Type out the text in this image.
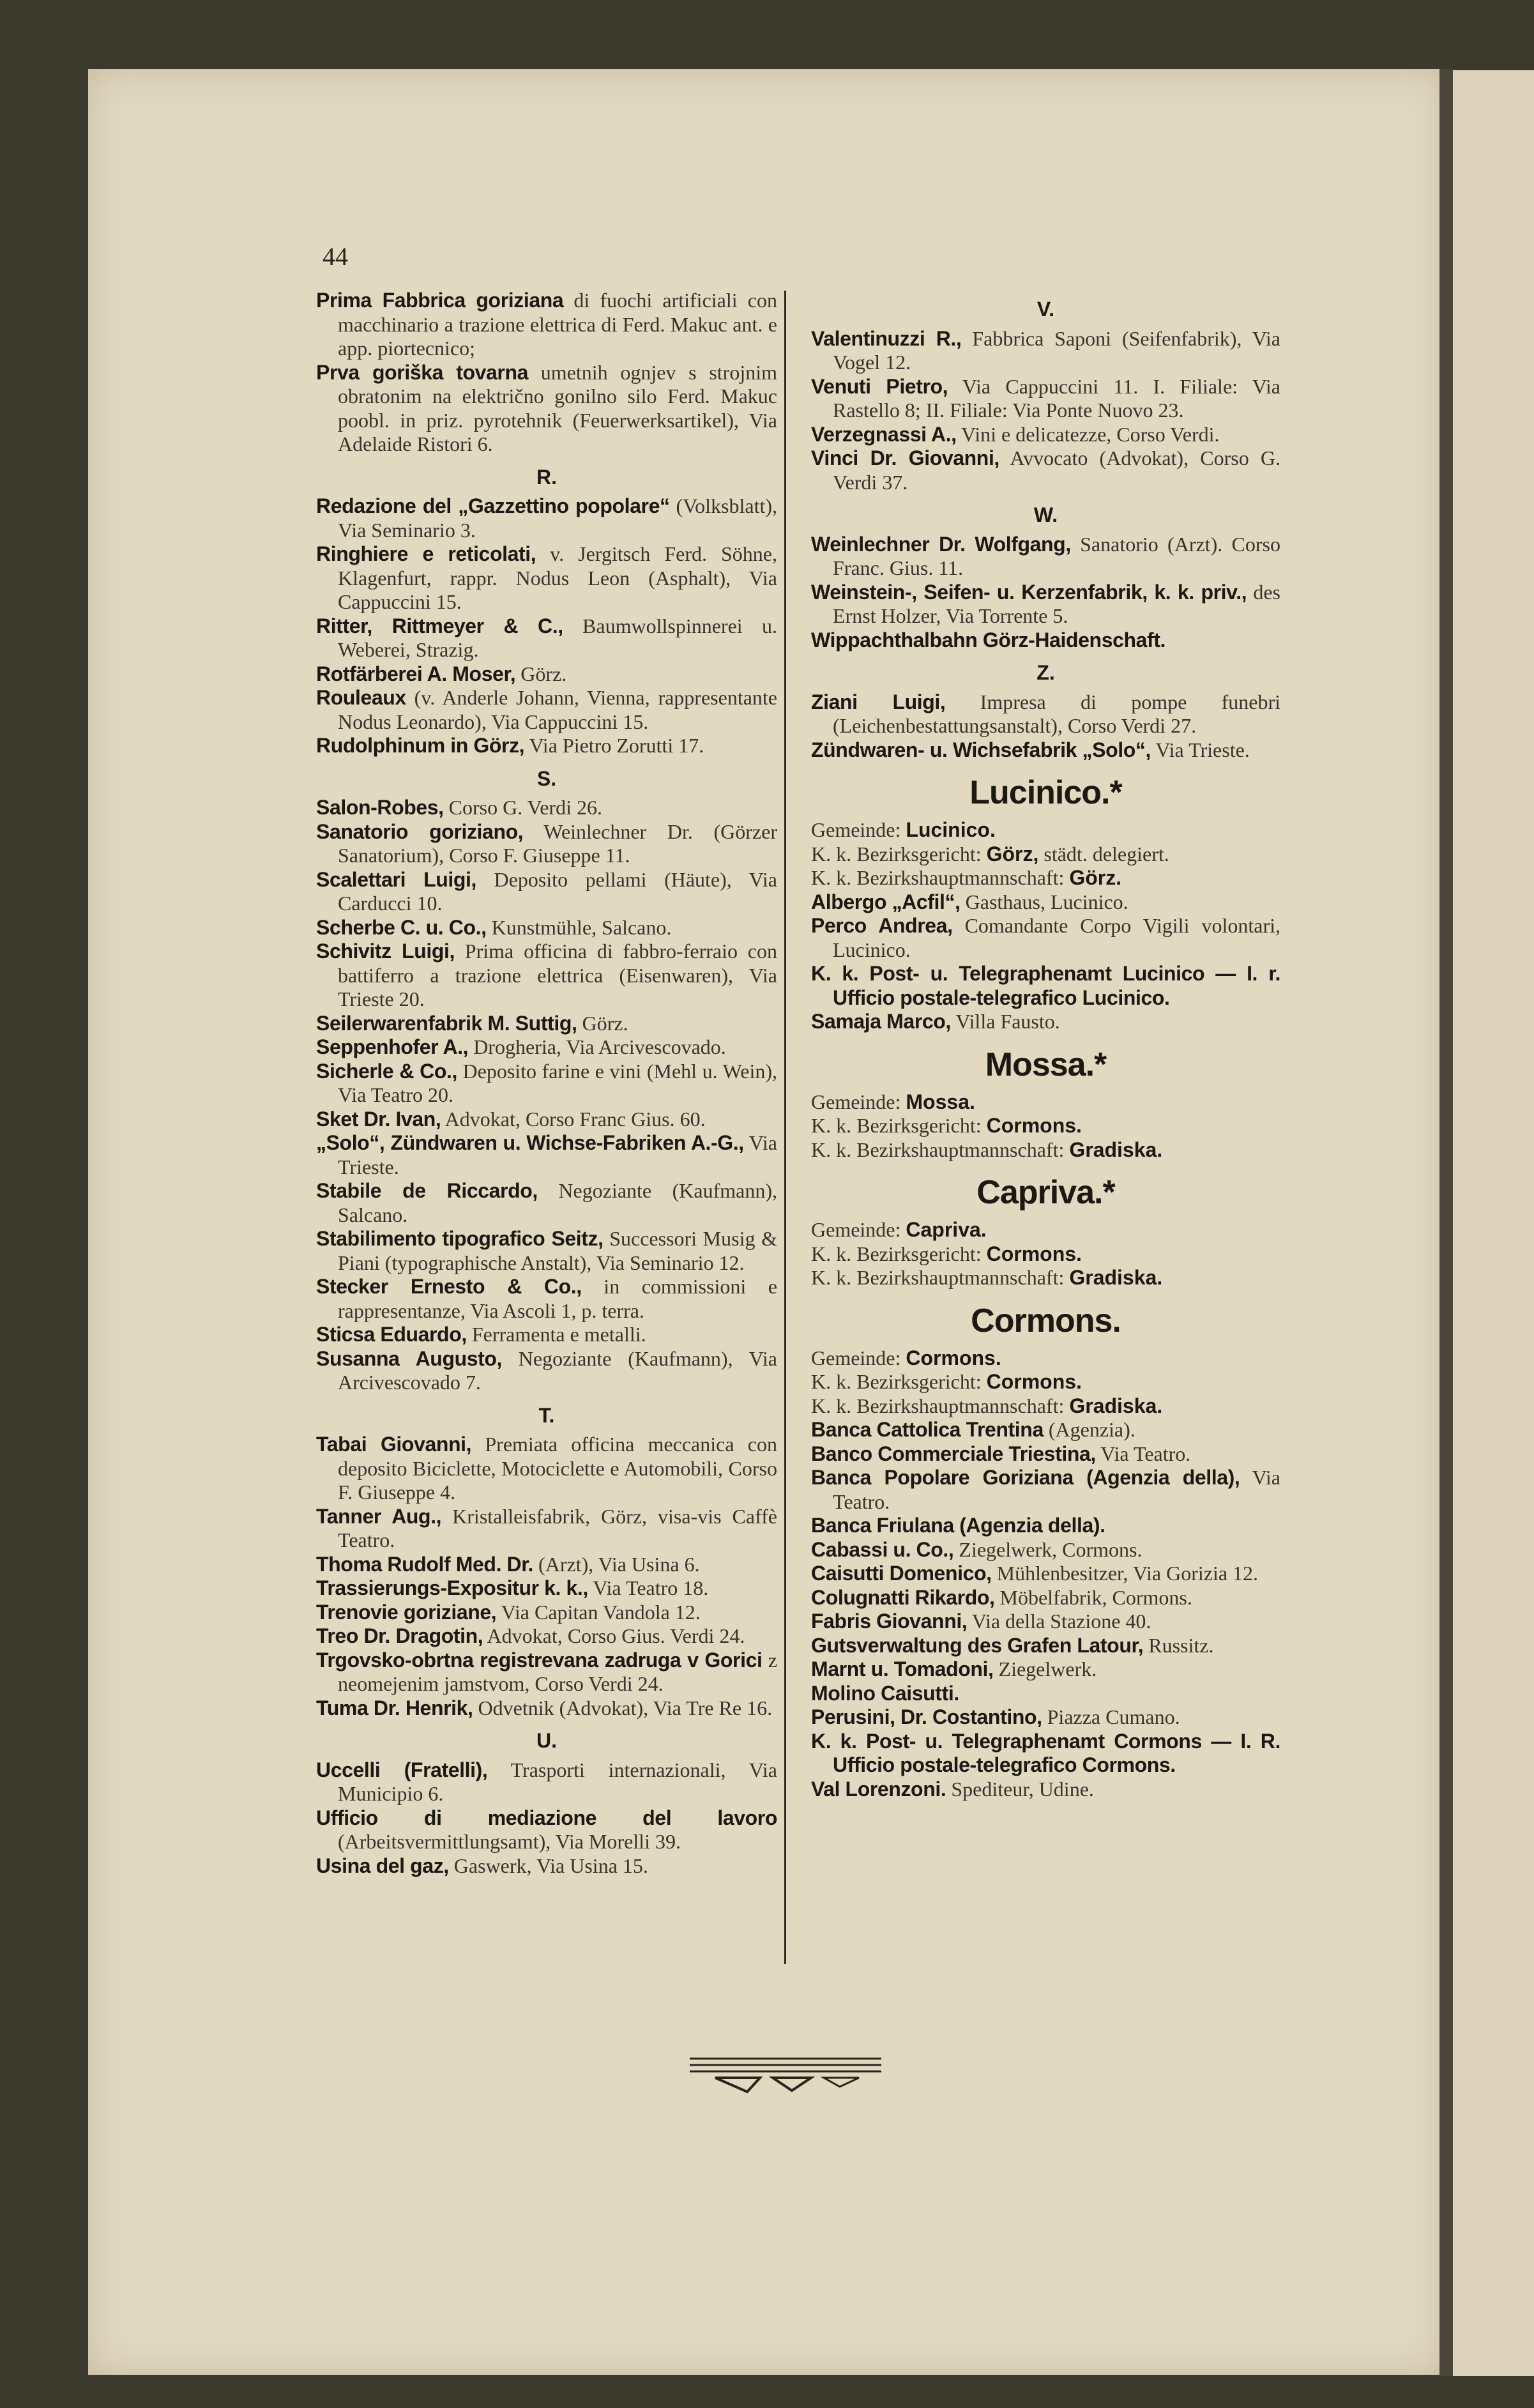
44

Prima Fabbrica goriziana di fuochi artificiali con macchinario a trazione elettrica di Ferd. Makuc ant. e app. piortecnico;

Prva goriška tovarna umetnih ognjev s strojnim obratonim na električno gonilno silo Ferd. Makuc poobl. in priz. pyrotehnik (Feuerwerksartikel), Via Adelaide Ristori 6.

R.

Redazione del „Gazzettino popolare“ (Volksblatt), Via Seminario 3.

Ringhiere e reticolati, v. Jergitsch Ferd. Söhne, Klagenfurt, rappr. Nodus Leon (Asphalt), Via Cappuccini 15.

Ritter, Rittmeyer & C., Baumwollspinnerei u. Weberei, Strazig.

Rotfärberei A. Moser, Görz.

Rouleaux (v. Anderle Johann, Vienna, rappresentante Nodus Leonardo), Via Cappuccini 15.

Rudolphinum in Görz, Via Pietro Zorutti 17.

S.

Salon-Robes, Corso G. Verdi 26.

Sanatorio goriziano, Weinlechner Dr. (Görzer Sanatorium), Corso F. Giuseppe 11.

Scalettari Luigi, Deposito pellami (Häute), Via Carducci 10.

Scherbe C. u. Co., Kunstmühle, Salcano.

Schivitz Luigi, Prima officina di fabbro-ferraio con battiferro a trazione elettrica (Eisenwaren), Via Trieste 20.

Seilerwarenfabrik M. Suttig, Görz.

Seppenhofer A., Drogheria, Via Arcivescovado.

Sicherle & Co., Deposito farine e vini (Mehl u. Wein), Via Teatro 20.

Sket Dr. Ivan, Advokat, Corso Franc Gius. 60.

„Solo“, Zündwaren u. Wichse-Fabriken A.-G., Via Trieste.

Stabile de Riccardo, Negoziante (Kaufmann), Salcano.

Stabilimento tipografico Seitz, Successori Musig & Piani (typographische Anstalt), Via Seminario 12.

Stecker Ernesto & Co., in commissioni e rappresentanze, Via Ascoli 1, p. terra.

Sticsa Eduardo, Ferramenta e metalli.

Susanna Augusto, Negoziante (Kaufmann), Via Arcivescovado 7.

T.

Tabai Giovanni, Premiata officina meccanica con deposito Biciclette, Motociclette e Automobili, Corso F. Giuseppe 4.

Tanner Aug., Kristalleisfabrik, Görz, visa-vis Caffè Teatro.

Thoma Rudolf Med. Dr. (Arzt), Via Usina 6.

Trassierungs-Expositur k. k., Via Teatro 18.

Trenovie goriziane, Via Capitan Vandola 12.

Treo Dr. Dragotin, Advokat, Corso Gius. Verdi 24.

Trgovsko-obrtna registrevana zadruga v Gorici z neomejenim jamstvom, Corso Verdi 24.

Tuma Dr. Henrik, Odvetnik (Advokat), Via Tre Re 16.

U.

Uccelli (Fratelli), Trasporti internazionali, Via Municipio 6.

Ufficio di mediazione del lavoro (Arbeitsvermittlungsamt), Via Morelli 39.

Usina del gaz, Gaswerk, Via Usina 15.

V.

Valentinuzzi R., Fabbrica Saponi (Seifenfabrik), Via Vogel 12.

Venuti Pietro, Via Cappuccini 11. I. Filiale: Via Rastello 8; II. Filiale: Via Ponte Nuovo 23.

Verzegnassi A., Vini e delicatezze, Corso Verdi.

Vinci Dr. Giovanni, Avvocato (Advokat), Corso G. Verdi 37.

W.

Weinlechner Dr. Wolfgang, Sanatorio (Arzt). Corso Franc. Gius. 11.

Weinstein-, Seifen- u. Kerzenfabrik, k. k. priv., des Ernst Holzer, Via Torrente 5.

Wippachthalbahn Görz-Haidenschaft.

Z.

Ziani Luigi, Impresa di pompe funebri (Leichenbestattungsanstalt), Corso Verdi 27.

Zündwaren- u. Wichsefabrik „Solo“, Via Trieste.

Lucinico.*

Gemeinde: Lucinico.

K. k. Bezirksgericht: Görz, städt. delegiert.

K. k. Bezirkshauptmannschaft: Görz.

Albergo „Acfil“, Gasthaus, Lucinico.

Perco Andrea, Comandante Corpo Vigili volontari, Lucinico.

K. k. Post- u. Telegraphenamt Lucinico — I. r. Ufficio postale-telegrafico Lucinico.

Samaja Marco, Villa Fausto.

Mossa.*

Gemeinde: Mossa.

K. k. Bezirksgericht: Cormons.

K. k. Bezirkshauptmannschaft: Gradiska.

Capriva.*

Gemeinde: Capriva.

K. k. Bezirksgericht: Cormons.

K. k. Bezirkshauptmannschaft: Gradiska.

Cormons.

Gemeinde: Cormons.

K. k. Bezirksgericht: Cormons.

K. k. Bezirkshauptmannschaft: Gradiska.

Banca Cattolica Trentina (Agenzia).

Banco Commerciale Triestina, Via Teatro.

Banca Popolare Goriziana (Agenzia della), Via Teatro.

Banca Friulana (Agenzia della).

Cabassi u. Co., Ziegelwerk, Cormons.

Caisutti Domenico, Mühlenbesitzer, Via Gorizia 12.

Colugnatti Rikardo, Möbelfabrik, Cormons.

Fabris Giovanni, Via della Stazione 40.

Gutsverwaltung des Grafen Latour, Russitz.

Marnt u. Tomadoni, Ziegelwerk.

Molino Caisutti.

Perusini, Dr. Costantino, Piazza Cumano.

K. k. Post- u. Telegraphenamt Cormons — I. R. Ufficio postale-telegrafico Cormons.

Val Lorenzoni. Spediteur, Udine.
